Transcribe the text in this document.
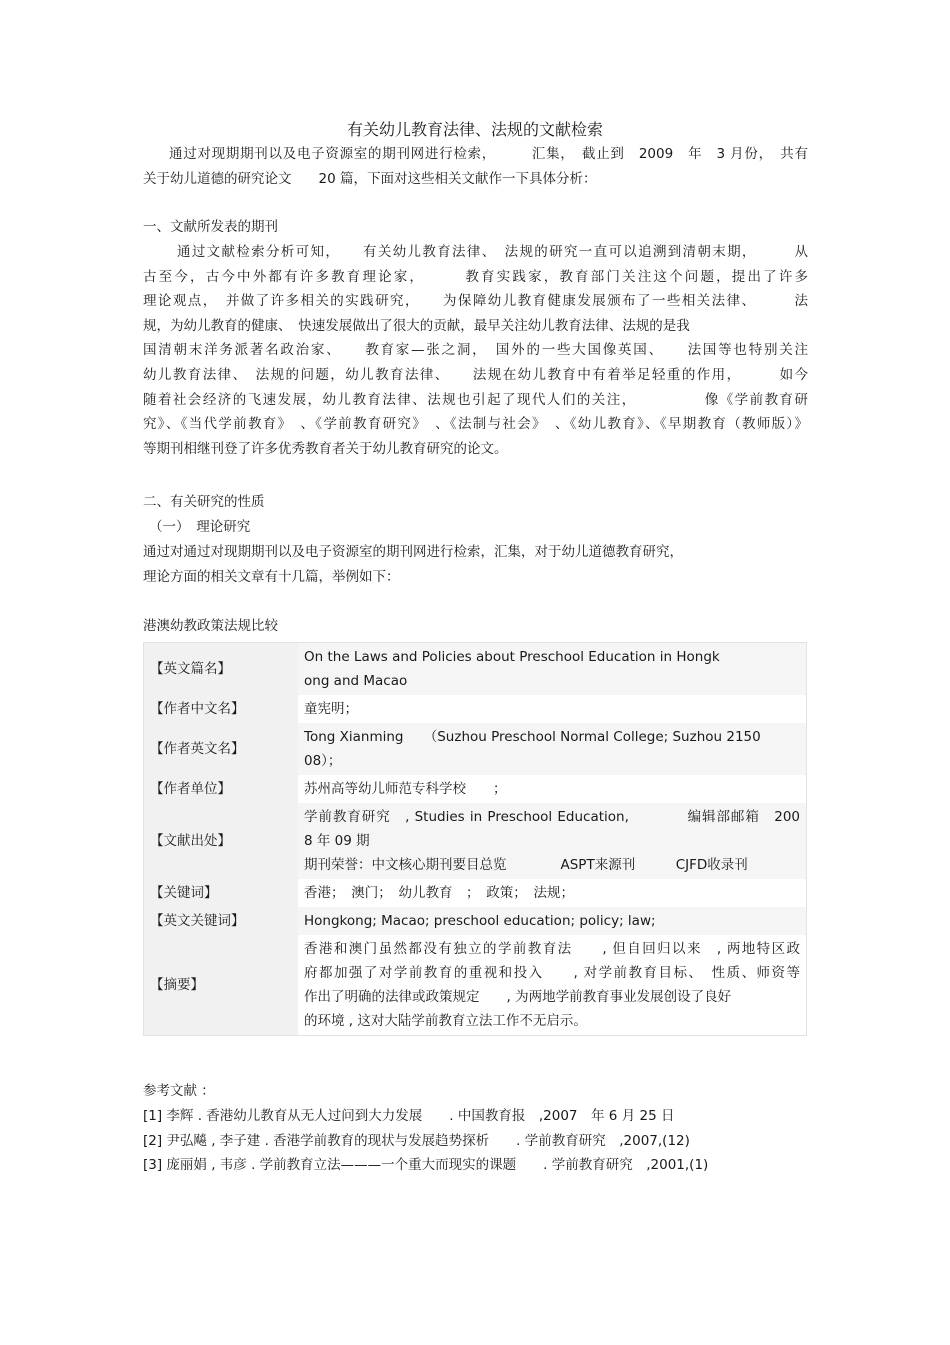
有关幼儿教育法律、法规的文献检索
通过对现期期刊以及电子资源室的期刊网进行检索，　　　汇集，　截止到　2009　年　3 月份，　共有
关于幼儿道德的研究论文　　20 篇，下面对这些相关文献作一下具体分析：
一、文献所发表的期刊
通过文献检索分析可知，　　有关幼儿教育法律、　法规的研究一直可以追溯到清朝末期，　　　从
古至今，古今中外都有许多教育理论家，　　　教育实践家，教育部门关注这个问题，提出了许多
理论观点，　并做了许多相关的实践研究，　　为保障幼儿教育健康发展颁布了一些相关法律、　　　法
规，为幼儿教育的健康、　快速发展做出了很大的贡献，最早关注幼儿教育法律、法规的是我
国清朝末洋务派著名政治家、　　教育家—张之洞，　国外的一些大国像英国、　　法国等也特别关注
幼儿教育法律、　法规的问题，幼儿教育法律、　　法规在幼儿教育中有着举足轻重的作用，　　　如今
随着社会经济的飞速发展，幼儿教育法律、法规也引起了现代人们的关注，　　　　　像《学前教育研
究》、《当代学前教育》　、《学前教育研究》　、《法制与社会》　、《幼儿教育》、《早期教育（教师版）》
等期刊相继刊登了许多优秀教育者关于幼儿教育研究的论文。
二、有关研究的性质
（一）　理论研究
通过对通过对现期期刊以及电子资源室的期刊网进行检索，汇集，对于幼儿道德教育研究，
理论方面的相关文章有十几篇，举例如下：
港澳幼教政策法规比较
【英文篇名】	On the Laws and Policies about Preschool Education in Hongk
ong and Macao

【作者中文名】	童宪明；

【作者英文名】	Tong Xianming　　（Suzhou Preschool Normal College; Suzhou 2150
08）；

【作者单位】	苏州高等幼儿师范专科学校　　；

【文献出处】	学前教育研究　, Studies in Preschool Education,　　　　编辑部邮箱　200
8 年 09 期
期刊荣誉：中文核心期刊要目总览　　　　ASPT来源刊　　　CJFD收录刊

【关键词】	香港；　澳门；　幼儿教育　；　政策；　法规；

【英文关键词】	Hongkong; Macao; preschool education; policy; law;

【摘要】	香港和澳门虽然都没有独立的学前教育法　　, 但自回归以来　, 两地特区政
府都加强了对学前教育的重视和投入　　, 对学前教育目标、　性质、师资等
作出了明确的法律或政策规定　　, 为两地学前教育事业发展创设了良好
的环境 , 这对大陆学前教育立法工作不无启示。
参考文献 ：
[1] 李辉 . 香港幼儿教育从无人过问到大力发展　　. 中国教育报　,2007　年 6 月 25 日
[2] 尹弘飚 , 李子建 . 香港学前教育的现状与发展趋势探析　　. 学前教育研究　,2007,(12)
[3] 庞丽娟 , 韦彦 . 学前教育立法———一个重大而现实的课题　　. 学前教育研究　,2001,(1)
